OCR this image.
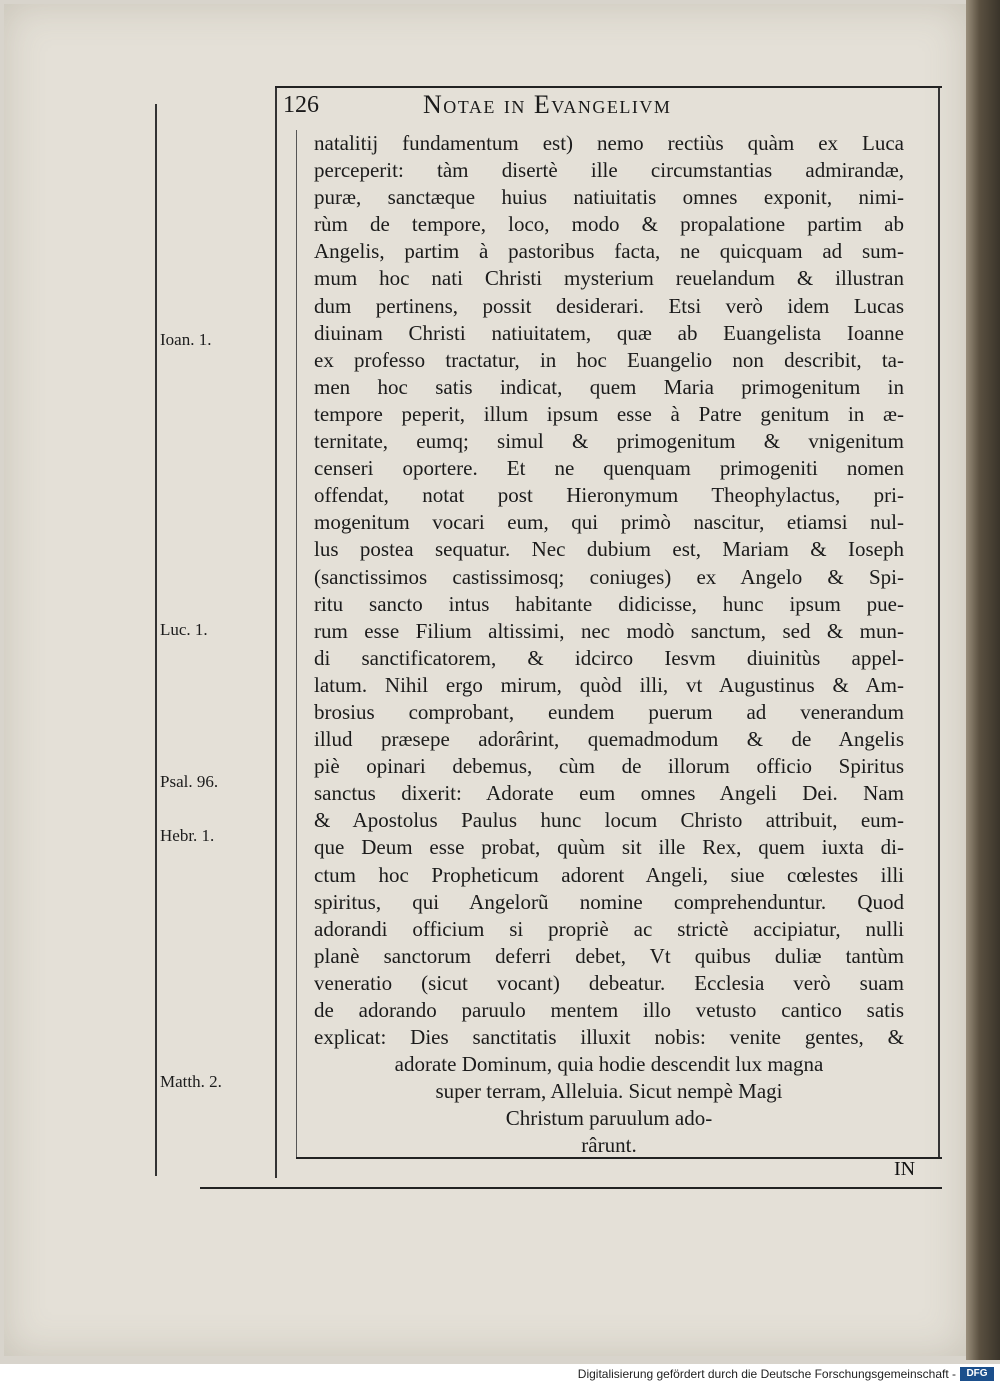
126	Notae in Evangelivm
natalitij fundamentum est) nemo rectiùs quàm ex Luca
perceperit: tàm disertè ille circumstantias admirandæ,
puræ, sanctæque huius natiuitatis omnes exponit, nimi-
rùm de tempore, loco, modo & propalatione partim ab
Angelis, partim à pastoribus facta, ne quicquam ad sum-
mum hoc nati Christi mysterium reuelandum & illustran
dum pertinens, possit desiderari. Etsi verò idem Lucas
diuinam Christi natiuitatem, quæ ab Euangelista Ioanne
ex professo tractatur, in hoc Euangelio non describit, ta-
men hoc satis indicat, quem Maria primogenitum in
tempore peperit, illum ipsum esse à Patre genitum in æ-
ternitate, eumq; simul & primogenitum & vnigenitum
censeri oportere. Et ne quenquam primogeniti nomen
offendat, notat post Hieronymum Theophylactus, pri-
mogenitum vocari eum, qui primò nascitur, etiamsi nul-
lus postea sequatur. Nec dubium est, Mariam & Ioseph
(sanctissimos castissimosq; coniuges) ex Angelo & Spi-
ritu sancto intus habitante didicisse, hunc ipsum pue-
rum esse Filium altissimi, nec modò sanctum, sed & mun-
di sanctificatorem, & idcirco Iesvm diuinitùs appel-
latum. Nihil ergo mirum, quòd illi, vt Augustinus & Am-
brosius comprobant, eundem puerum ad venerandum
illud præsepe adorârint, quemadmodum & de Angelis
piè opinari debemus, cùm de illorum officio Spiritus
sanctus dixerit: Adorate eum omnes Angeli Dei. Nam
& Apostolus Paulus hunc locum Christo attribuit, eum-
que Deum esse probat, quùm sit ille Rex, quem iuxta di-
ctum hoc Propheticum adorent Angeli, siue cœlestes illi
spiritus, qui Angelorũ nomine comprehenduntur. Quod
adorandi officium si propriè ac strictè accipiatur, nulli
planè sanctorum deferri debet, Vt quibus duliæ tantùm
veneratio (sicut vocant) debeatur. Ecclesia verò suam
de adorando paruulo mentem illo vetusto cantico satis
explicat: Dies sanctitatis illuxit nobis: venite gentes, &
adorate Dominum, quia hodie descendit lux magna
super terram, Alleluia. Sicut nempè Magi
Christum paruulum ado-
rârunt.
Ioan. 1.
Luc. 1.
Psal. 96.
Hebr. 1.
Matth. 2.
IN
Digitalisierung gefördert durch die Deutsche Forschungsgemeinschaft -	DFG
